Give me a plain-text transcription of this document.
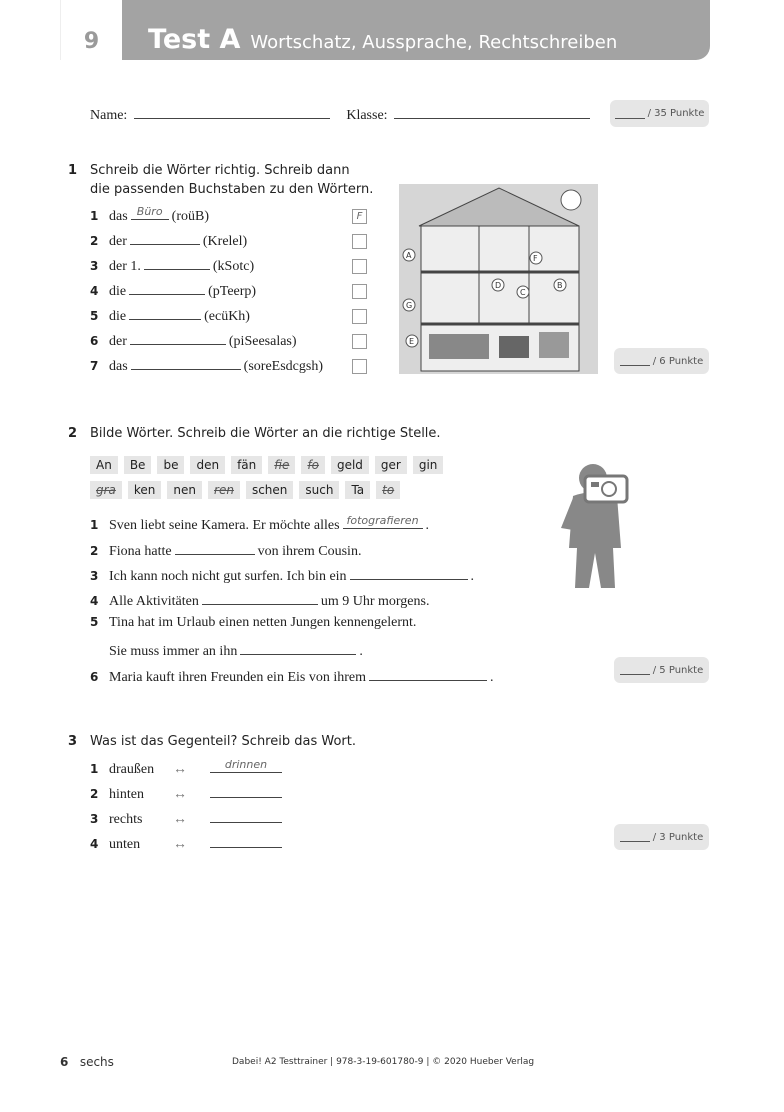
9	Test A Wortschatz, Aussprache, Rechtschreiben
Name:	Klasse:	/ 35 Punkte
1 Schreib die Wörter richtig. Schreib dann
die passenden Buchstaben zu den Wörtern.
1 das Büro (roüB)	F
2 der	(Krelel)
3 der 1.	(kSotc)
4 die	(pTeerp)
5 die	(ecüKh)
6 der	(piSeesalas)
7 das	(soreEsdcgsh)
A
B
C
D
E
F
G
/ 6 Punkte
2 Bilde Wörter. Schreib die Wörter an die richtige Stelle.
An	Be	be	den	fän	fie	fo	geld	ger	gin
gra	ken	nen	ren	schen	such	Ta	to
1 Sven liebt seine Kamera. Er möchte alles fotografieren .
2 Fiona hatte	von ihrem Cousin.
3 Ich kann noch nicht gut surfen. Ich bin ein	.
4 Alle Aktivitäten	um 9 Uhr morgens.
5 Tina hat im Urlaub einen netten Jungen kennengelernt.
Sie muss immer an ihn	.
6 Maria kauft ihren Freunden ein Eis von ihrem	.	/ 5 Punkte
3 Was ist das Gegenteil? Schreib das Wort.
1 draußen ↔	drinnen
2 hinten ↔
3 rechts ↔
4 unten ↔	/ 3 Punkte
6 sechs	Dabei! A2 Testtrainer | 978-3-19-601780-9 | © 2020 Hueber Verlag
